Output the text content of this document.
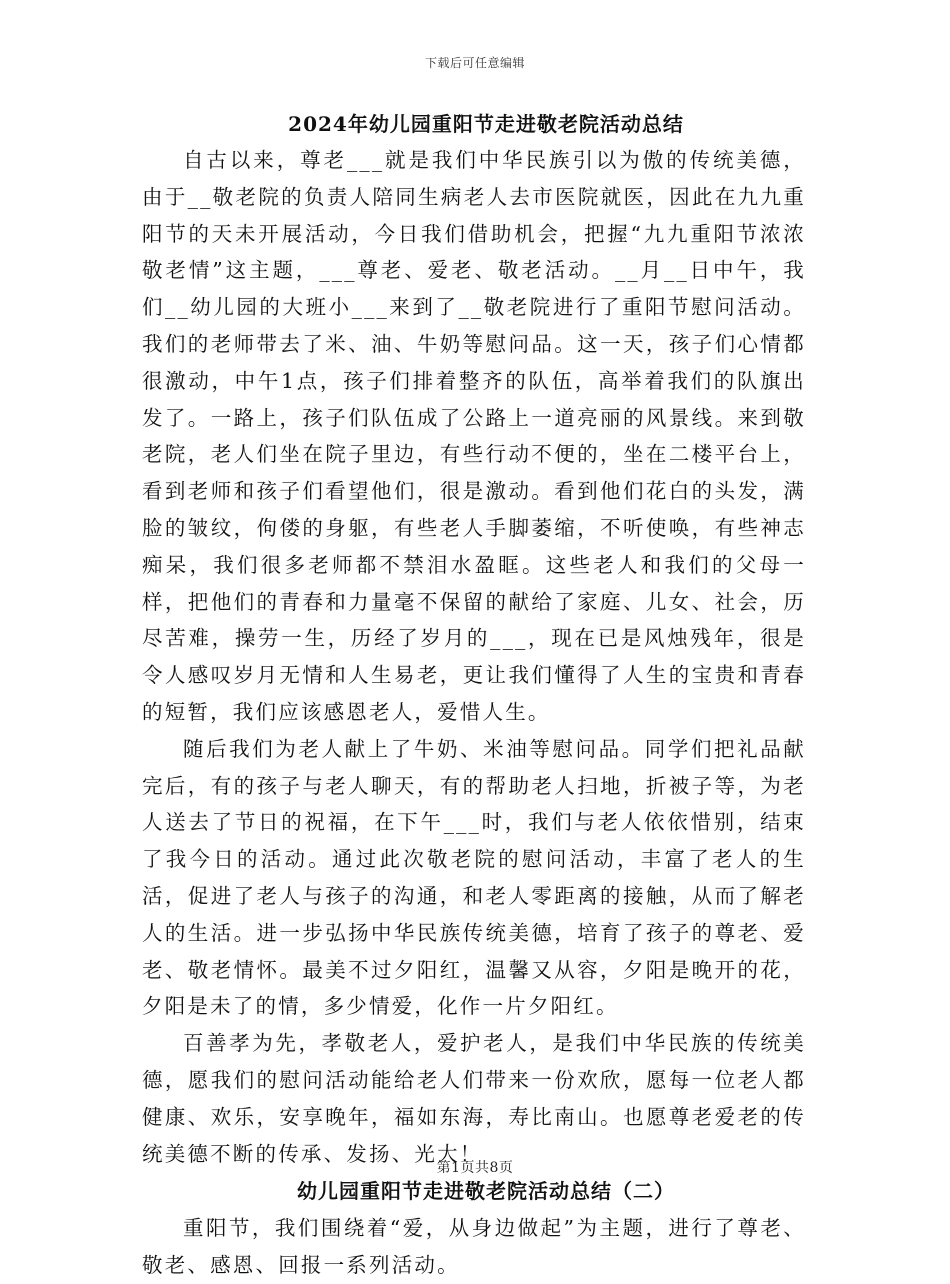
下载后可任意编辑
2024年幼儿园重阳节走进敬老院活动总结

自古以来，尊老___就是我们中华民族引以为傲的传统美德，由于__敬老院的负责人陪同生病老人去市医院就医，因此在九九重阳节的天未开展活动，今日我们借助机会，把握“九九重阳节浓浓敬老情”这主题，___尊老、爱老、敬老活动。__月__日中午，我们__幼儿园的大班小___来到了__敬老院进行了重阳节慰问活动。我们的老师带去了米、油、牛奶等慰问品。这一天，孩子们心情都很激动，中午1点，孩子们排着整齐的队伍，高举着我们的队旗出发了。一路上，孩子们队伍成了公路上一道亮丽的风景线。来到敬老院，老人们坐在院子里边，有些行动不便的，坐在二楼平台上，看到老师和孩子们看望他们，很是激动。看到他们花白的头发，满脸的皱纹，佝偻的身躯，有些老人手脚萎缩，不听使唤，有些神志痴呆，我们很多老师都不禁泪水盈眶。这些老人和我们的父母一样，把他们的青春和力量毫不保留的献给了家庭、儿女、社会，历尽苦难，操劳一生，历经了岁月的___，现在已是风烛残年，很是令人感叹岁月无情和人生易老，更让我们懂得了人生的宝贵和青春的短暂，我们应该感恩老人，爱惜人生。

随后我们为老人献上了牛奶、米油等慰问品。同学们把礼品献完后，有的孩子与老人聊天，有的帮助老人扫地，折被子等，为老人送去了节日的祝福，在下午___时，我们与老人依依惜别，结束了我今日的活动。通过此次敬老院的慰问活动，丰富了老人的生活，促进了老人与孩子的沟通，和老人零距离的接触，从而了解老人的生活。进一步弘扬中华民族传统美德，培育了孩子的尊老、爱老、敬老情怀。最美不过夕阳红，温馨又从容，夕阳是晚开的花，夕阳是未了的情，多少情爱，化作一片夕阳红。

百善孝为先，孝敬老人，爱护老人，是我们中华民族的传统美德，愿我们的慰问活动能给老人们带来一份欢欣，愿每一位老人都健康、欢乐，安享晚年，福如东海，寿比南山。也愿尊老爱老的传统美德不断的传承、发扬、光大！

幼儿园重阳节走进敬老院活动总结（二）

重阳节，我们围绕着“爱，从身边做起”为主题，进行了尊老、敬老、感恩、回报一系列活动。

第1页共8页
